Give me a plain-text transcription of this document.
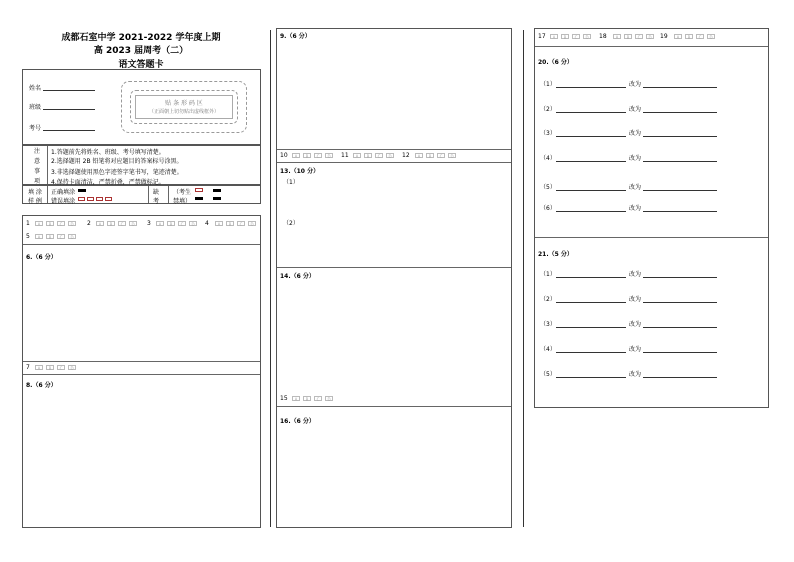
成都石室中学 2021-2022 学年度上期
高 2023 届周考（二）
语文答题卡
姓名
班级
考号
贴 条 形 码 区
（正面朝上切勿贴出虚线框外）
注
意
事
项
1.答题前先将姓名、班级、考号填写清楚。
2.选择题用 2B 铅笔将对应题目的答案标号涂黑。
3.非选择题使用黑色字迹签字笔书写，笔迹清楚。
4.保持卡面清洁，严禁折叠，严禁做标记。
填 涂
样 例
正确填涂
错误填涂
缺
考
（考生
禁填）
1	A	B	C	D	2	A	B	C	D	3	A	B	C	D	4	A	B	C	D
5	A	B	C	D
6.（6 分）
7	A	B	C	D
8.（6 分）
9.（6 分）
10	A	B	C	D	11	A	B	C	D	12	A	B	C	D
13.（10 分）
（1）
（2）
14.（6 分）
15	A	B	C	D
16.（6 分）
17	A	B	C	D	18	A	B	C	D	19	A	B	C	D
20.（6 分）
（1）	改为
（2）	改为
（3）	改为
（4）	改为
（5）	改为
（6）	改为
21.（5 分）
（1）	改为
（2）	改为
（3）	改为
（4）	改为
（5）	改为
